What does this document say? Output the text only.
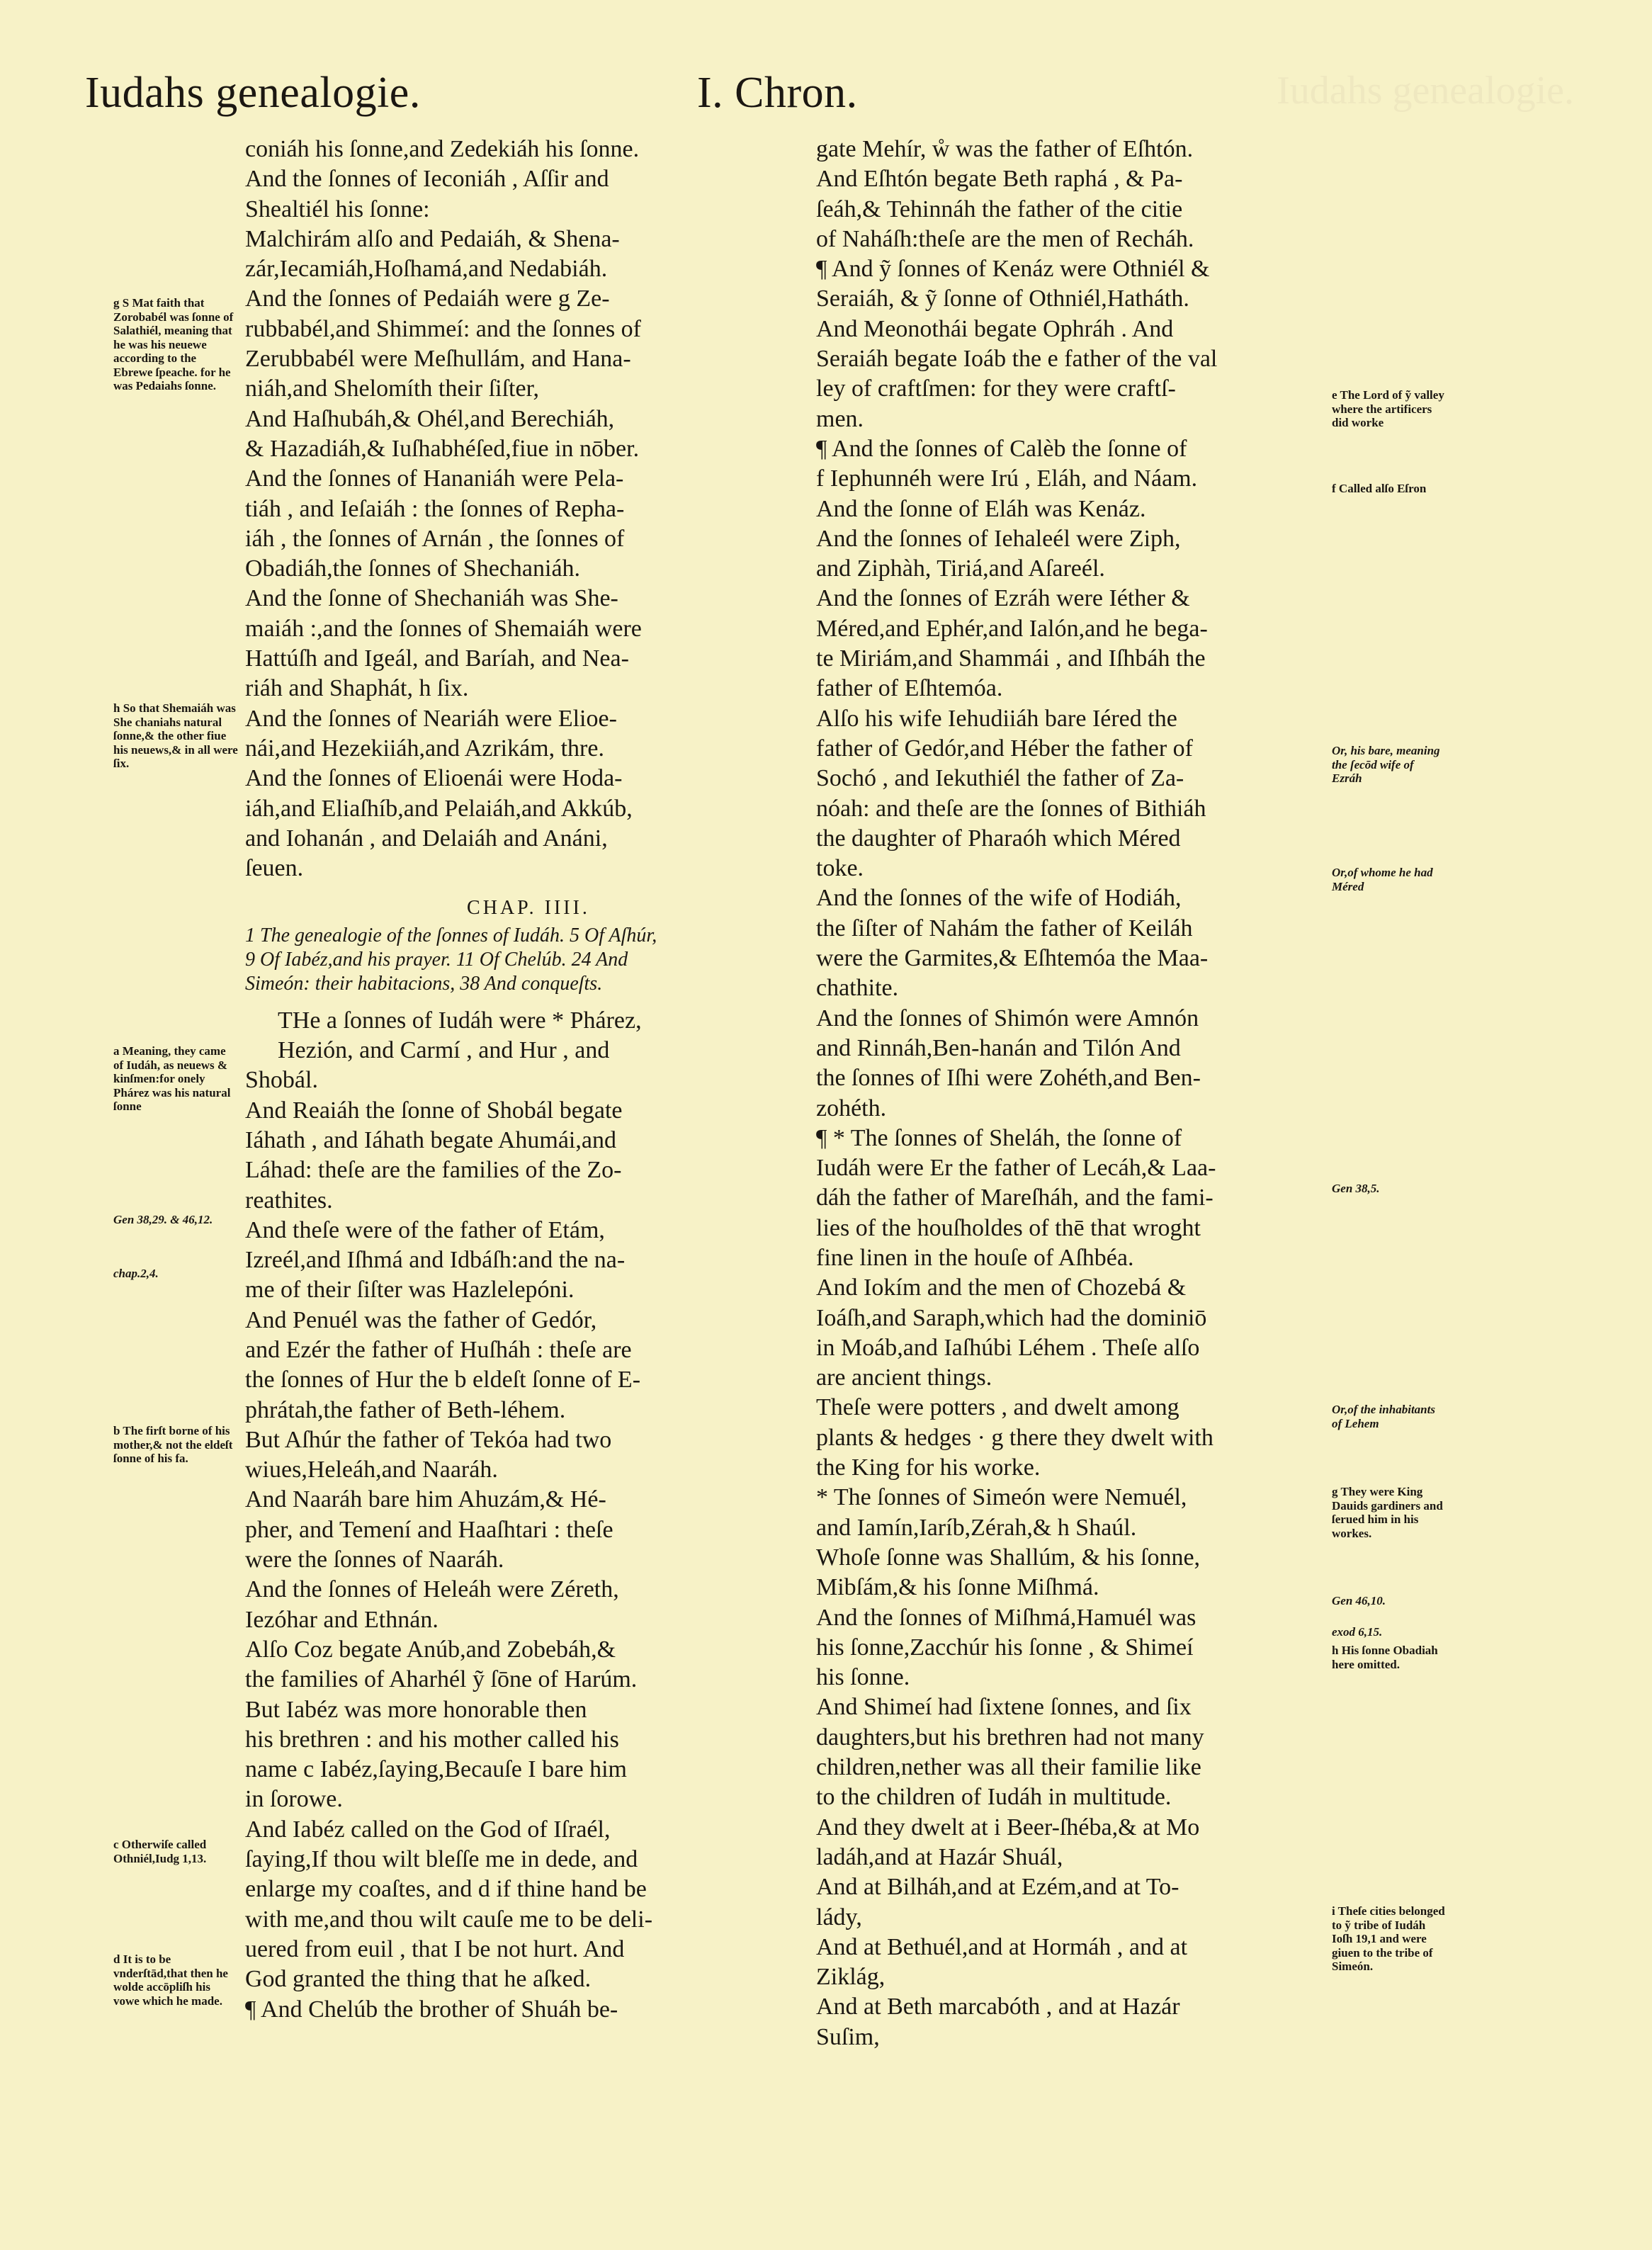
Iudahs genealogie.	I. Chron.	Iudahs genealogie.
coniáh his ſonne,and Zedekiáh his ſonne.
And the ſonnes of Ieconiáh , Aſſir and
Shealtiél his ſonne:
Malchirám alſo and Pedaiáh, & Shena-
zár,Iecamiáh,Hoſhamá,and Nedabiáh.
And the ſonnes of Pedaiáh were g Ze-
rubbabél,and Shimmeí: and the ſonnes of
Zerubbabél were Meſhullám, and Hana-
niáh,and Shelomíth their ſiſter,
And Haſhubáh,& Ohél,and Berechiáh,
& Hazadiáh,& Iuſhabhéſed,fiue in nōber.
And the ſonnes of Hananiáh were Pela-
tiáh , and Ieſaiáh : the ſonnes of Repha-
iáh , the ſonnes of Arnán , the ſonnes of
Obadiáh,the ſonnes of Shechaniáh.
And the ſonne of Shechaniáh was She-
maiáh :,and the ſonnes of Shemaiáh were
Hattúſh and Igeál, and Baríah, and Nea-
riáh and Shaphát, h ſix.
And the ſonnes of Neariáh were Elioe-
nái,and Hezekiiáh,and Azrikám, thre.
And the ſonnes of Elioenái were Hoda-
iáh,and Eliaſhíb,and Pelaiáh,and Akkúb,
and Iohanán , and Delaiáh and Anáni,
ſeuen.
CHAP. IIII.
1 The genealogie of the ſonnes of Iudáh. 5 Of Aſhúr,
9 Of Iabéz,and his prayer. 11 Of Chelúb. 24 And
Simeón: their habitacions, 38 And conqueſts.
THe a ſonnes of Iudáh were * Phárez,
Hezión, and Carmí , and Hur , and
Shobál.
And Reaiáh the ſonne of Shobál begate
Iáhath , and Iáhath begate Ahumái,and
Láhad: theſe are the families of the Zo-
reathites.
And theſe were of the father of Etám,
Izreél,and Iſhmá and Idbáſh:and the na-
me of their ſiſter was Hazlelepóni.
And Penuél was the father of Gedór,
and Ezér the father of Huſháh : theſe are
the ſonnes of Hur the b eldeſt ſonne of E-
phrátah,the father of Beth-léhem.
But Aſhúr the father of Tekóa had two
wiues,Heleáh,and Naaráh.
And Naaráh bare him Ahuzám,& Hé-
pher, and Temení and Haaſhtari : theſe
were the ſonnes of Naaráh.
And the ſonnes of Heleáh were Zéreth,
Iezóhar and Ethnán.
Alſo Coz begate Anúb,and Zobebáh,&
the families of Aharhél ỹ ſōne of Harúm.
But Iabéz was more honorable then
his brethren : and his mother called his
name c Iabéz,ſaying,Becauſe I bare him
in ſorowe.
And Iabéz called on the God of Iſraél,
ſaying,If thou wilt bleſſe me in dede, and
enlarge my coaſtes, and d if thine hand be
with me,and thou wilt cauſe me to be deli-
uered from euil , that I be not hurt. And
God granted the thing that he aſked.
¶ And Chelúb the brother of Shuáh be-
gate Mehír, ẘ was the father of Eſhtón.
And Eſhtón begate Beth raphá , & Pa-
ſeáh,& Tehinnáh the father of the citie
of Naháſh:theſe are the men of Recháh.
¶ And ỹ ſonnes of Kenáz were Othniél &
Seraiáh, & ỹ ſonne of Othniél,Hatháth.
And Meonothái begate Ophráh . And
Seraiáh begate Ioáb the e father of the val
ley of craftſmen: for they were craftſ-
men.
¶ And the ſonnes of Calèb the ſonne of
f Iephunnéh were Irú , Eláh, and Náam.
And the ſonne of Eláh was Kenáz.
And the ſonnes of Iehaleél were Ziph,
and Ziphàh, Tiriá,and Aſareél.
And the ſonnes of Ezráh were Iéther &
Méred,and Ephér,and Ialón,and he bega-
te Miriám,and Shammái , and Iſhbáh the
father of Eſhtemóa.
Alſo his wife Iehudiiáh bare Iéred the
father of Gedór,and Héber the father of
Sochó , and Iekuthiél the father of Za-
nóah: and theſe are the ſonnes of Bithiáh
the daughter of Pharaóh which Méred
toke.
And the ſonnes of the wife of Hodiáh,
the ſiſter of Nahám the father of Keiláh
were the Garmites,& Eſhtemóa the Maa-
chathite.
And the ſonnes of Shimón were Amnón
and Rinnáh,Ben-hanán and Tilón And
the ſonnes of Iſhi were Zohéth,and Ben-
zohéth.
¶ * The ſonnes of Sheláh, the ſonne of
Iudáh were Er the father of Lecáh,& Laa-
dáh the father of Mareſháh, and the fami-
lies of the houſholdes of thē that wroght
fine linen in the houſe of Aſhbéa.
And Iokím and the men of Chozebá &
Ioáſh,and Saraph,which had the dominiō
in Moáb,and Iaſhúbi Léhem . Theſe alſo
are ancient things.
Theſe were potters , and dwelt among
plants & hedges · g there they dwelt with
the King for his worke.
* The ſonnes of Simeón were Nemuél,
and Iamín,Iaríb,Zérah,& h Shaúl.
Whoſe ſonne was Shallúm, & his ſonne,
Mibſám,& his ſonne Miſhmá.
And the ſonnes of Miſhmá,Hamuél was
his ſonne,Zacchúr his ſonne , & Shimeí
his ſonne.
And Shimeí had ſixtene ſonnes, and ſix
daughters,but his brethren had not many
children,nether was all their familie like
to the children of Iudáh in multitude.
And they dwelt at i Beer-ſhéba,& at Mo
ladáh,and at Hazár Shuál,
And at Bilháh,and at Ezém,and at To-
lády,
And at Bethuél,and at Hormáh , and at
Ziklág,
And at Beth marcabóth , and at Hazár
Suſim,
g S Mat faith that Zorobabél was ſonne of Salathiél, meaning that he was his neuewe according to the Ebrewe ſpeache. for he was Pedaiahs ſonne.
h So that Shemaiáh was She chaniahs natural ſonne,& the other fiue his neuews,& in all were ſix.
a Meaning, they came of Iudáh, as neuews & kinſmen:for onely Phárez was his natural ſonne
Gen 38,29. & 46,12.
chap.2,4.
b The firſt borne of his mother,& not the eldeſt ſonne of his fa.
c Otherwiſe called Othniél,Iudg 1,13.
d It is to be vnderſtād,that then he wolde accōpliſh his vowe which he made.
e The Lord of ỹ valley where the artificers did worke
f Called alſo Eſron
Or, his bare, meaning the ſecōd wife of Ezráh
Or,of whome he had Méred
Gen 38,5.
Or,of the inhabitants of Lehem
g They were King Dauids gardiners and ſerued him in his workes.
Gen 46,10.
exod 6,15.
h His ſonne Obadiah here omitted.
i Theſe cities belonged to ỹ tribe of Iudáh Ioſh 19,1 and were giuen to the tribe of Simeón.
